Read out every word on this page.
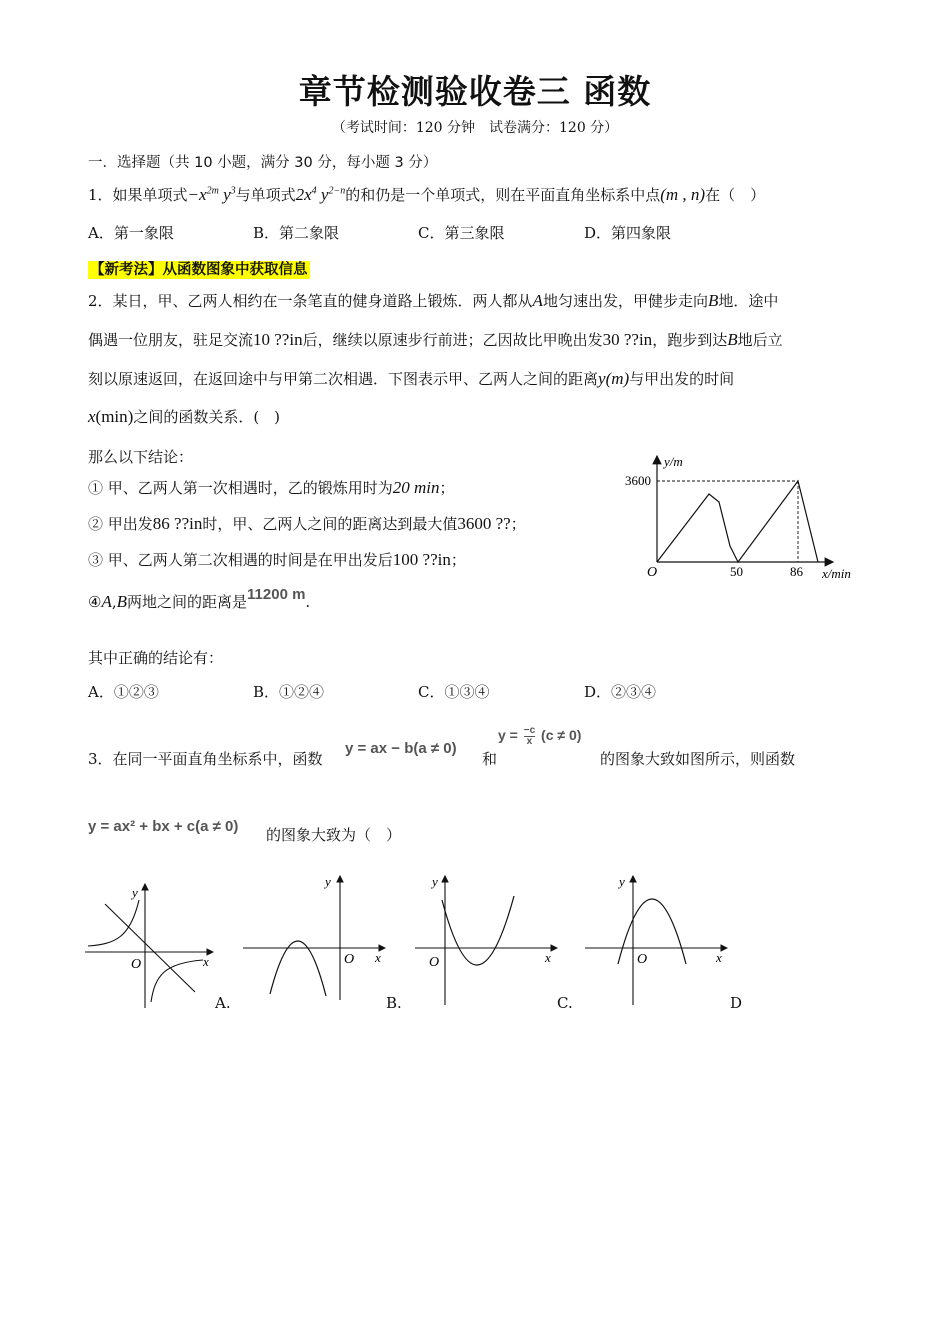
章节检测验收卷三 函数
（考试时间：120 分钟　试卷满分：120 分）
一．选择题（共 10 小题，满分 30 分，每小题 3 分）
1．如果单项式$-x^{2m}$ $y^3$与单项式$2x^4$ $y^{2-n}$的和仍是一个单项式，则在平面直角坐标系中点(m , n)在（　）
A．第一象限	B．第二象限	C．第三象限	D．第四象限
【新考法】从函数图象中获取信息
2．某日，甲、乙两人相约在一条笔直的健身道路上锻炼．两人都从A地匀速出发，甲健步走向B地．途中
偶遇一位朋友，驻足交流10 ??in后，继续以原速步行前进；乙因故比甲晚出发30 ??in，跑步到达B地后立
刻以原速返回，在返回途中与甲第二次相遇．下图表示甲、乙两人之间的距离y(m)与甲出发的时间
x(min)之间的函数关系．(　)
那么以下结论：
① 甲、乙两人第一次相遇时，乙的锻炼用时为20 min；
② 甲出发86 ??in时，甲、乙两人之间的距离达到最大值3600 ??；
③ 甲、乙两人第二次相遇的时间是在甲出发后100 ??in；
④A,B两地之间的距离是11200 m.
y/m
3600
O	50	86 x/min
其中正确的结论有：
A．①②③	B．①②④	C．①③④	D．②③④
3．在同一平面直角坐标系中，函数
y = ax − b(a ≠ 0)
和
$y = \frac{-c}{x} (c \ne 0)$
的图象大致如图所示，则函数
y = ax² + bx + c(a ≠ 0) 的图象大致为（　）
y
x
O
A.
y
x
O
B.
y
x
O
C.
y
x
O
D
